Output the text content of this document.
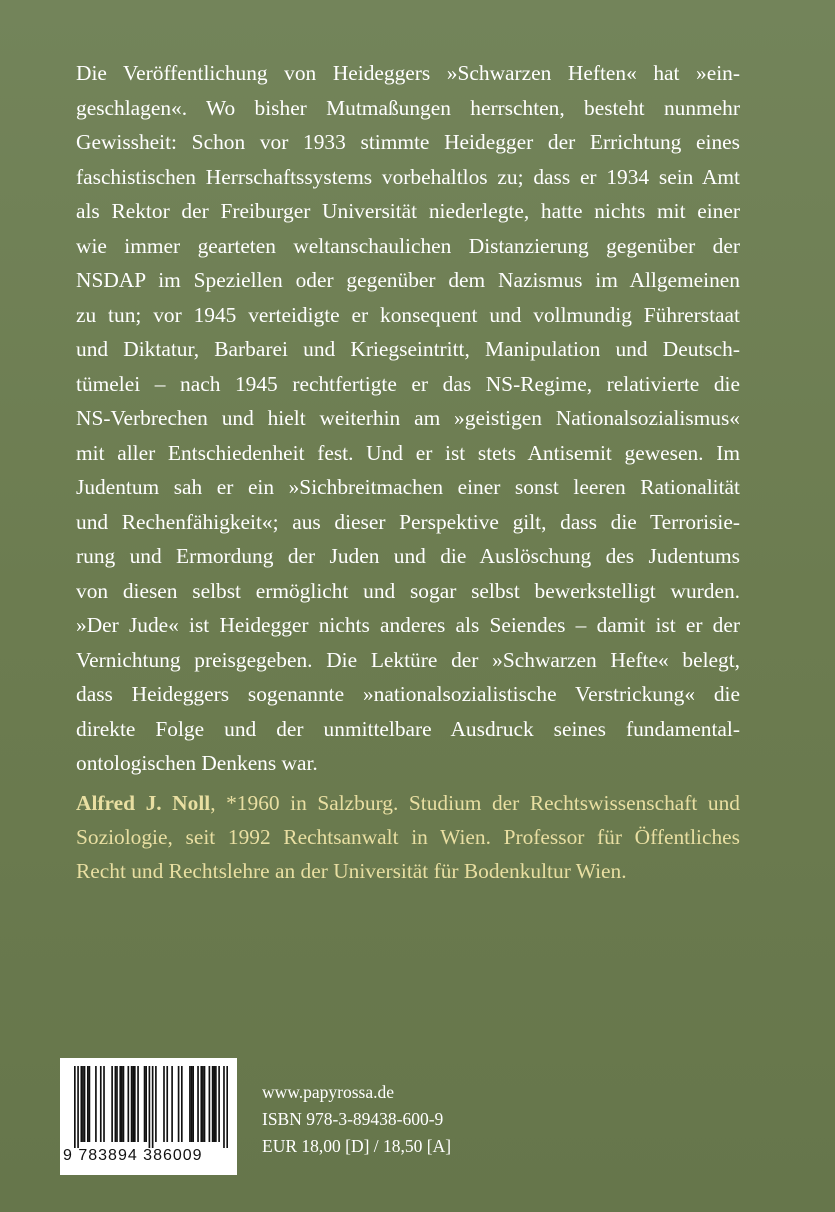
Die Veröffentlichung von Heideggers »Schwarzen Heften« hat »ein-
geschlagen«. Wo bisher Mutmaßungen herrschten, besteht nunmehr
Gewissheit: Schon vor 1933 stimmte Heidegger der Errichtung eines
faschistischen Herrschaftssystems vorbehaltlos zu; dass er 1934 sein Amt
als Rektor der Freiburger Universität niederlegte, hatte nichts mit einer
wie immer gearteten weltanschaulichen Distanzierung gegenüber der
NSDAP im Speziellen oder gegenüber dem Nazismus im Allgemeinen
zu tun; vor 1945 verteidigte er konsequent und vollmundig Führerstaat
und Diktatur, Barbarei und Kriegseintritt, Manipulation und Deutsch-
tümelei – nach 1945 rechtfertigte er das NS-Regime, relativierte die
NS-Verbrechen und hielt weiterhin am »geistigen Nationalsozialismus«
mit aller Entschiedenheit fest. Und er ist stets Antisemit gewesen. Im
Judentum sah er ein »Sichbreitmachen einer sonst leeren Rationalität
und Rechenfähigkeit«; aus dieser Perspektive gilt, dass die Terrorisie-
rung und Ermordung der Juden und die Auslöschung des Judentums
von diesen selbst ermöglicht und sogar selbst bewerkstelligt wurden.
»Der Jude« ist Heidegger nichts anderes als Seiendes – damit ist er der
Vernichtung preisgegeben. Die Lektüre der »Schwarzen Hefte« belegt,
dass Heideggers sogenannte »nationalsozialistische Verstrickung« die
direkte Folge und der unmittelbare Ausdruck seines fundamental-
ontologischen Denkens war.
Alfred J. Noll, *1960 in Salzburg. Studium der Rechtswissenschaft und
Soziologie, seit 1992 Rechtsanwalt in Wien. Professor für Öffentliches
Recht und Rechtslehre an der Universität für Bodenkultur Wien.
9 783894 386009
www.papyrossa.de
ISBN 978-3-89438-600-9
EUR 18,00 [D] / 18,50 [A]
